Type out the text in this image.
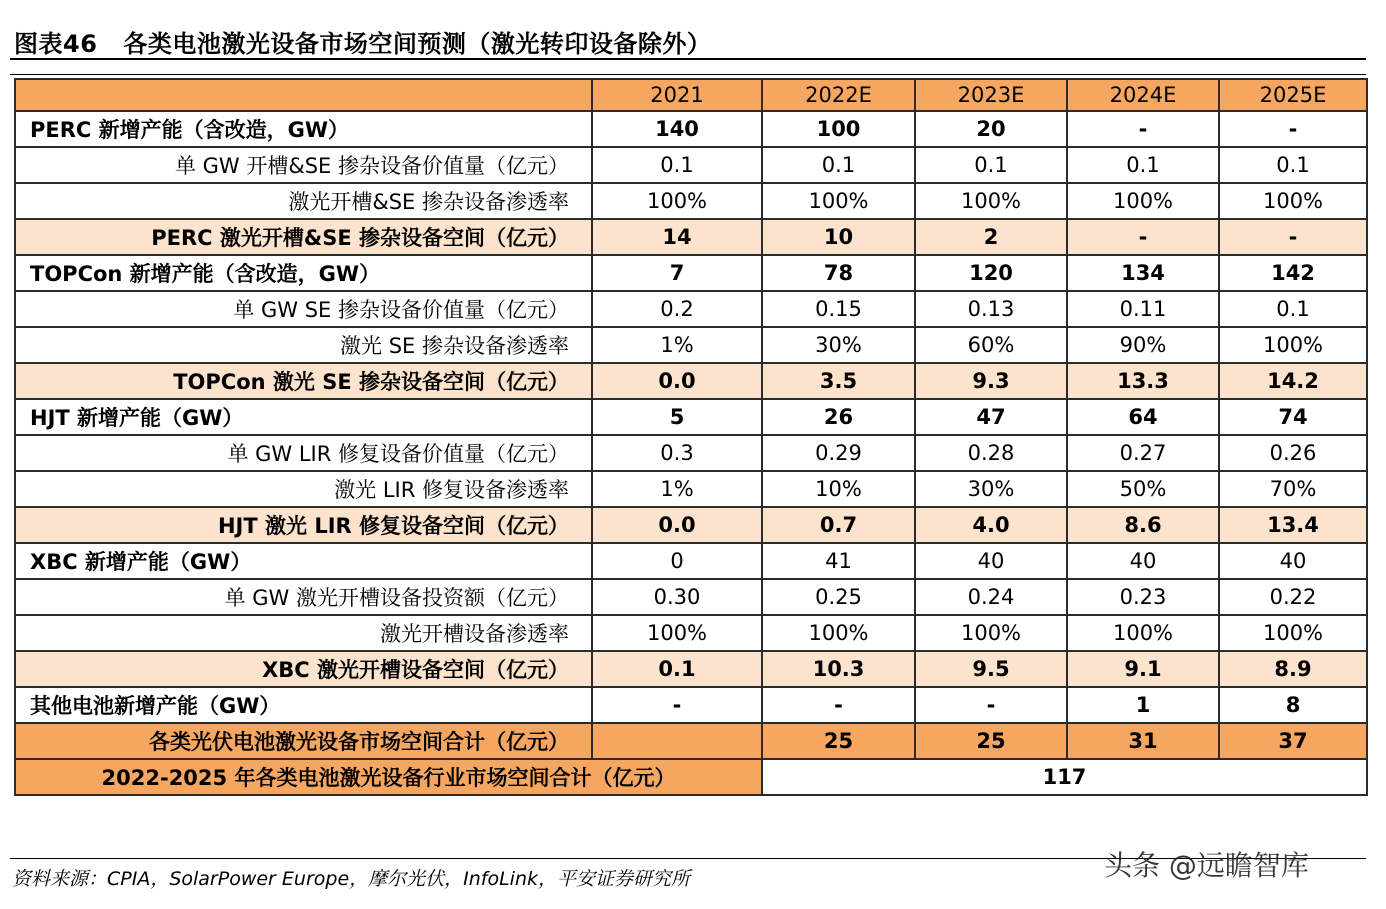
图表46 各类电池激光设备市场空间预测（激光转印设备除外）
	2021	2022E	2023E	2024E	2025E
PERC 新增产能（含改造，GW）	140	100	20	-	-
单 GW 开槽&SE 掺杂设备价值量（亿元）	0.1	0.1	0.1	0.1	0.1
激光开槽&SE 掺杂设备渗透率	100%	100%	100%	100%	100%
PERC 激光开槽&SE 掺杂设备空间（亿元）	14	10	2	-	-
TOPCon 新增产能（含改造，GW）	7	78	120	134	142
单 GW SE 掺杂设备价值量（亿元）	0.2	0.15	0.13	0.11	0.1
激光 SE 掺杂设备渗透率	1%	30%	60%	90%	100%
TOPCon 激光 SE 掺杂设备空间（亿元）	0.0	3.5	9.3	13.3	14.2
HJT 新增产能（GW）	5	26	47	64	74
单 GW LIR 修复设备价值量（亿元）	0.3	0.29	0.28	0.27	0.26
激光 LIR 修复设备渗透率	1%	10%	30%	50%	70%
HJT 激光 LIR 修复设备空间（亿元）	0.0	0.7	4.0	8.6	13.4
XBC 新增产能（GW）	0	41	40	40	40
单 GW 激光开槽设备投资额（亿元）	0.30	0.25	0.24	0.23	0.22
激光开槽设备渗透率	100%	100%	100%	100%	100%
XBC 激光开槽设备空间（亿元）	0.1	10.3	9.5	9.1	8.9
其他电池新增产能（GW）	-	-	-	1	8
各类光伏电池激光设备市场空间合计（亿元）		25	25	31	37
2022-2025 年各类电池激光设备行业市场空间合计（亿元）		117			
资料来源：CPIA，SolarPower Europe，摩尔光伏，InfoLink，平安证券研究所	头条 @远瞻智库
